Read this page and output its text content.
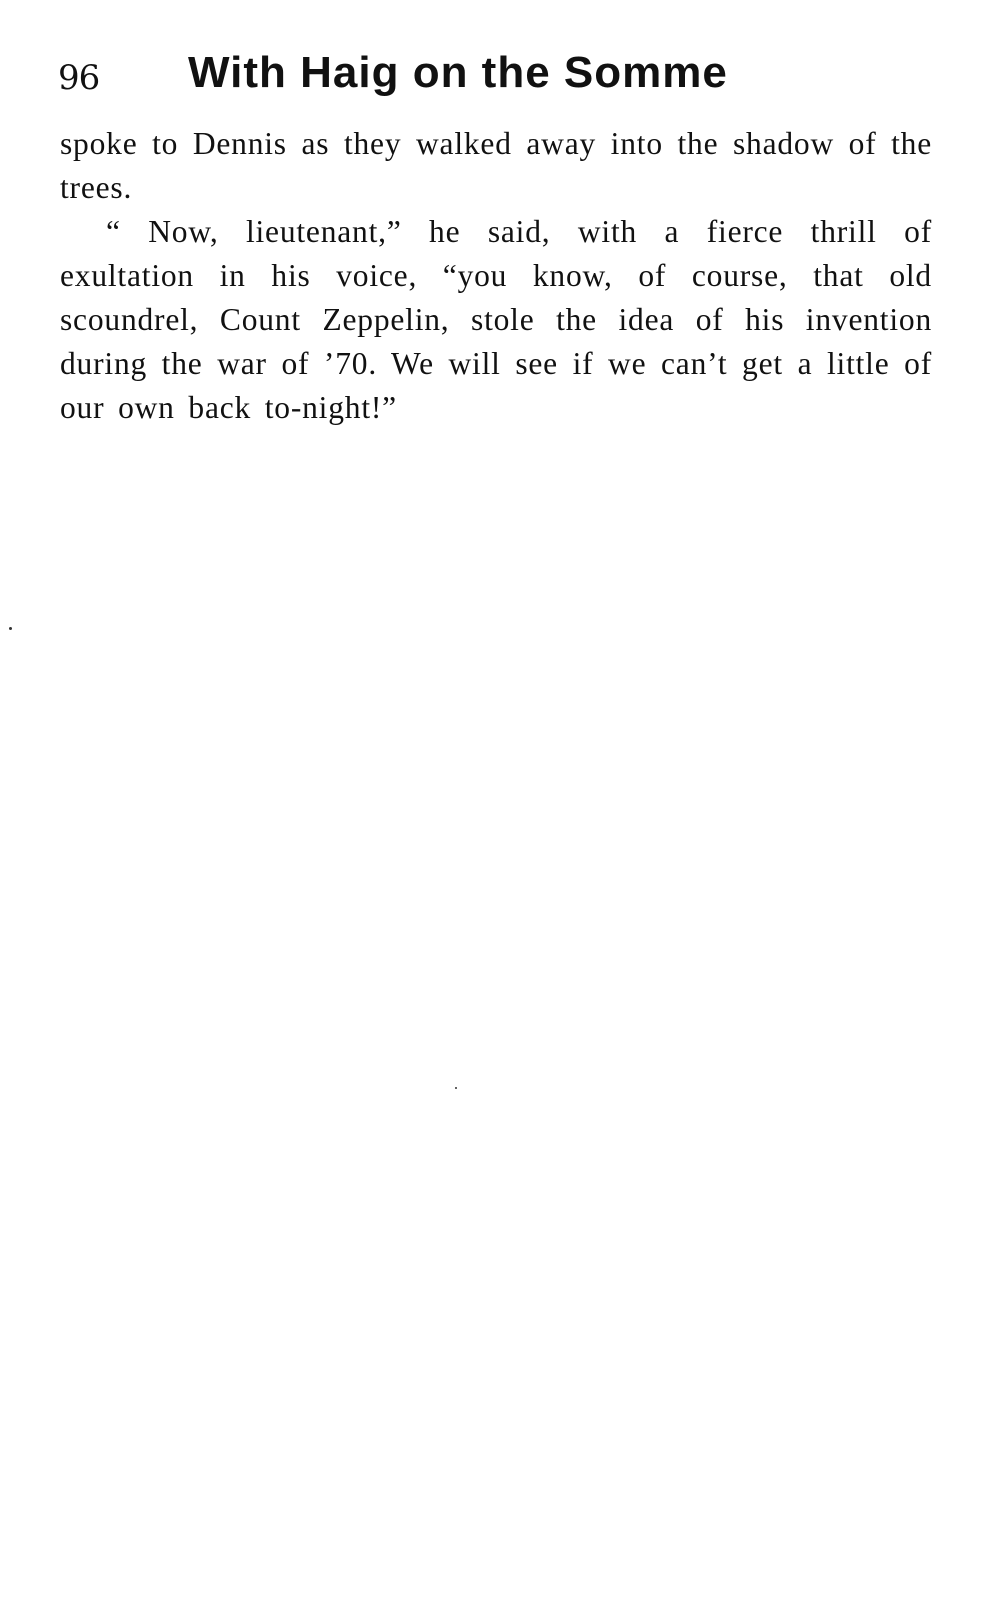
96 With Haig on the Somme

spoke to Dennis as they walked away into the shadow of the trees.

“ Now, lieutenant,” he said, with a fierce thrill of exultation in his voice, “you know, of course, that old scoundrel, Count Zeppelin, stole the idea of his invention during the war of ’70. We will see if we can’t get a little of our own back to-night!”
